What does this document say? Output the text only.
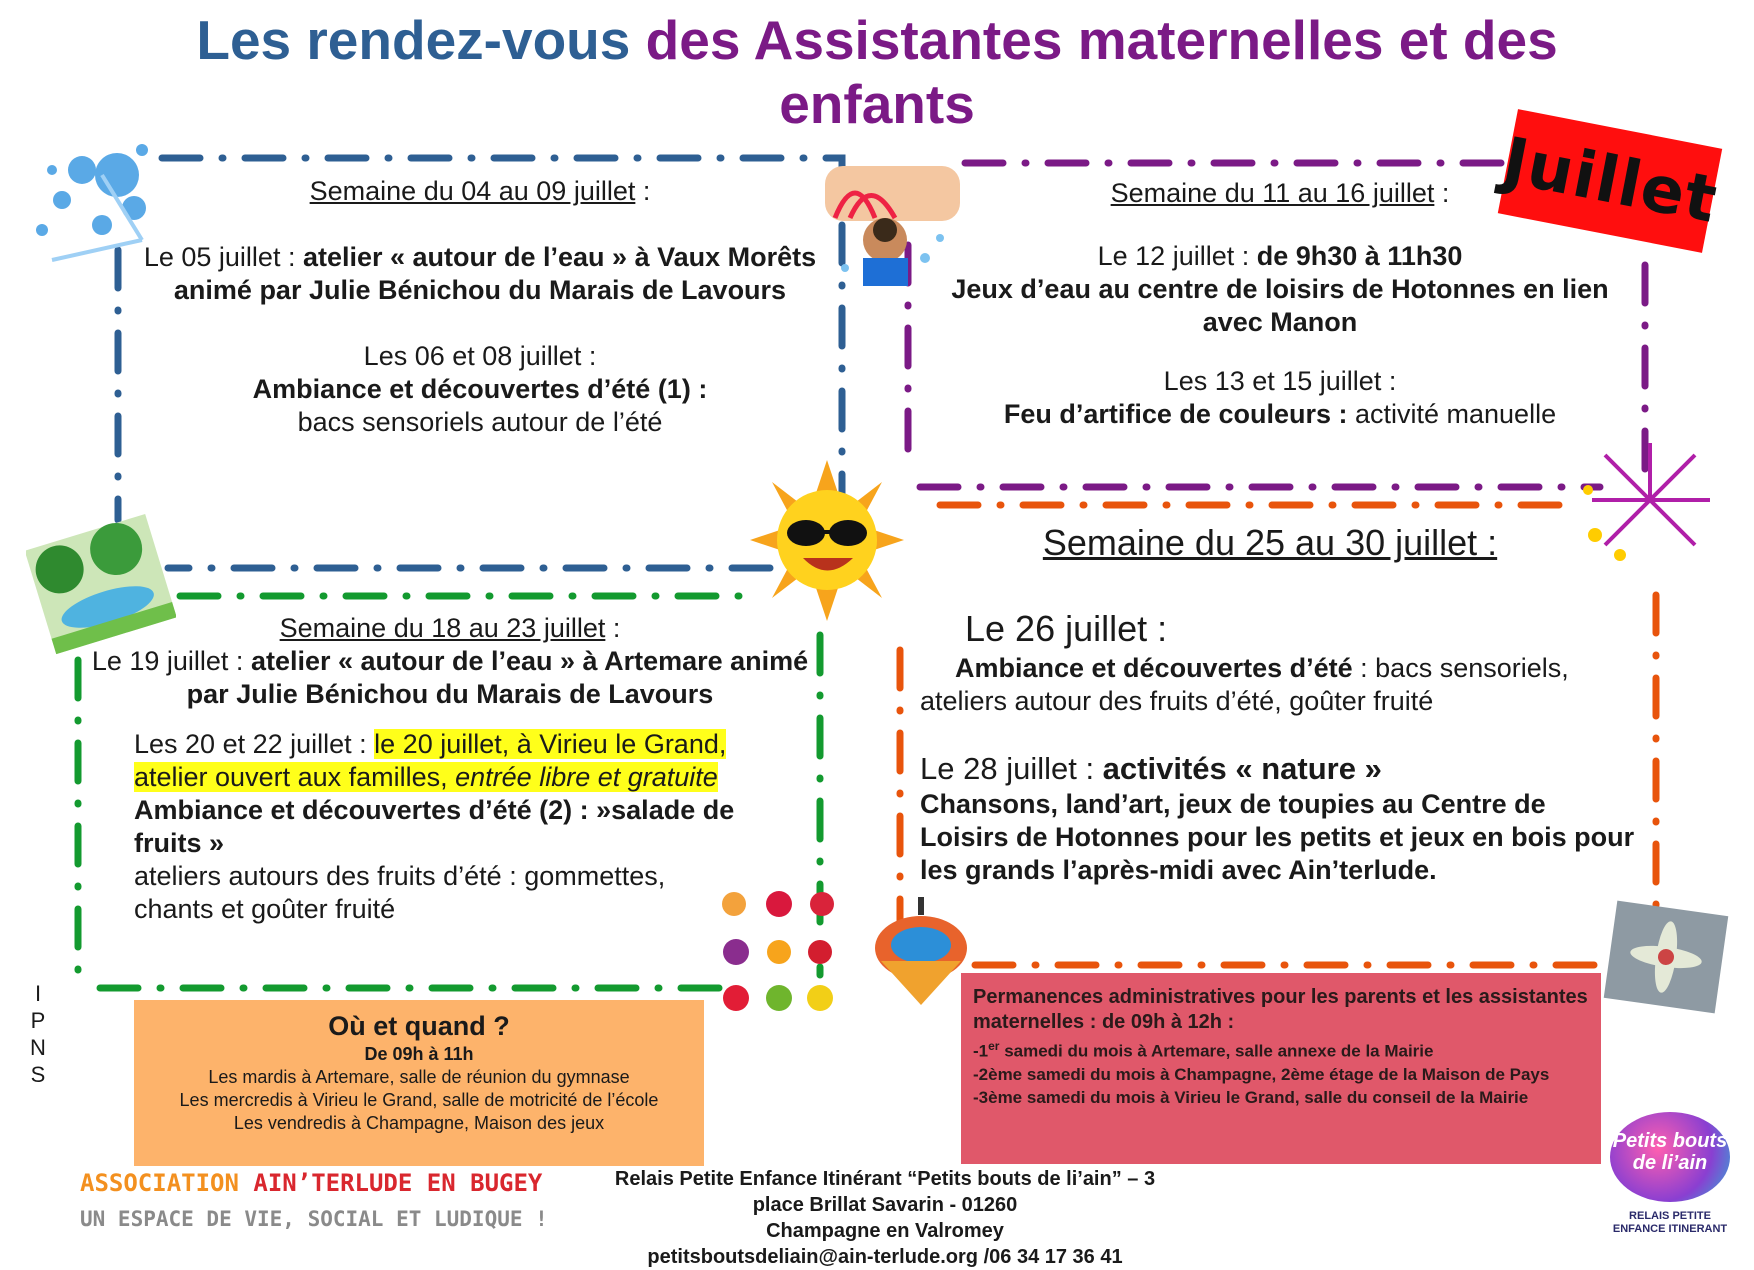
Les rendez-vous des Assistantes maternelles et des
enfants
Juillet
Semaine du 04 au 09 juillet :
Le 05 juillet : atelier « autour de l’eau » à Vaux Morêts animé par Julie Bénichou du Marais de Lavours
Les 06 et 08 juillet :
Ambiance et découvertes d’été (1) :
bacs sensoriels autour de l’été
Semaine du 11 au 16 juillet :
Le 12 juillet : de 9h30 à 11h30
Jeux d’eau au centre de loisirs de Hotonnes en lien avec Manon
Les 13 et 15 juillet :
Feu d’artifice de couleurs : activité manuelle
Semaine du 18 au 23 juillet :
Le 19 juillet : atelier « autour de l’eau » à Artemare animé par Julie Bénichou du Marais de Lavours
Les 20 et 22 juillet : le 20 juillet, à Virieu le Grand, atelier ouvert aux familles, entrée libre et gratuite
Ambiance et découvertes d’été (2) : »salade de fruits »
ateliers autours des fruits d’été : gommettes, chants et goûter fruité
Semaine du 25 au 30 juillet :
Le 26 juillet :
Ambiance et découvertes d’été : bacs sensoriels, ateliers autour des fruits d’été, goûter fruité
Le 28 juillet : activités « nature »
Chansons, land’art, jeux de toupies au Centre de Loisirs de Hotonnes pour les petits et jeux en bois pour les grands l’après-midi avec Ain’terlude.
Où et quand ?
De 09h à 11h
Les mardis à Artemare, salle de réunion du gymnase
Les mercredis à Virieu le Grand, salle de motricité de l’école
Les vendredis à Champagne, Maison des jeux
Permanences administratives pour les parents et les assistantes maternelles : de 09h à 12h :
-1er samedi du mois à Artemare, salle annexe de la Mairie
-2ème samedi du mois à Champagne, 2ème étage de la Maison de Pays
-3ème samedi du mois à Virieu le Grand, salle du conseil de la Mairie
I
P
N
S
ASSOCIATION AIN’TERLUDE EN BUGEY
UN ESPACE DE VIE, SOCIAL ET LUDIQUE !
Relais Petite Enfance Itinérant “Petits bouts de li’ain” – 3 place Brillat Savarin - 01260
Champagne en Valromey
petitsboutsdeliain@ain-terlude.org /06 34 17 36 41
Petits bouts
de li’ain
RELAIS PETITE
ENFANCE ITINERANT
